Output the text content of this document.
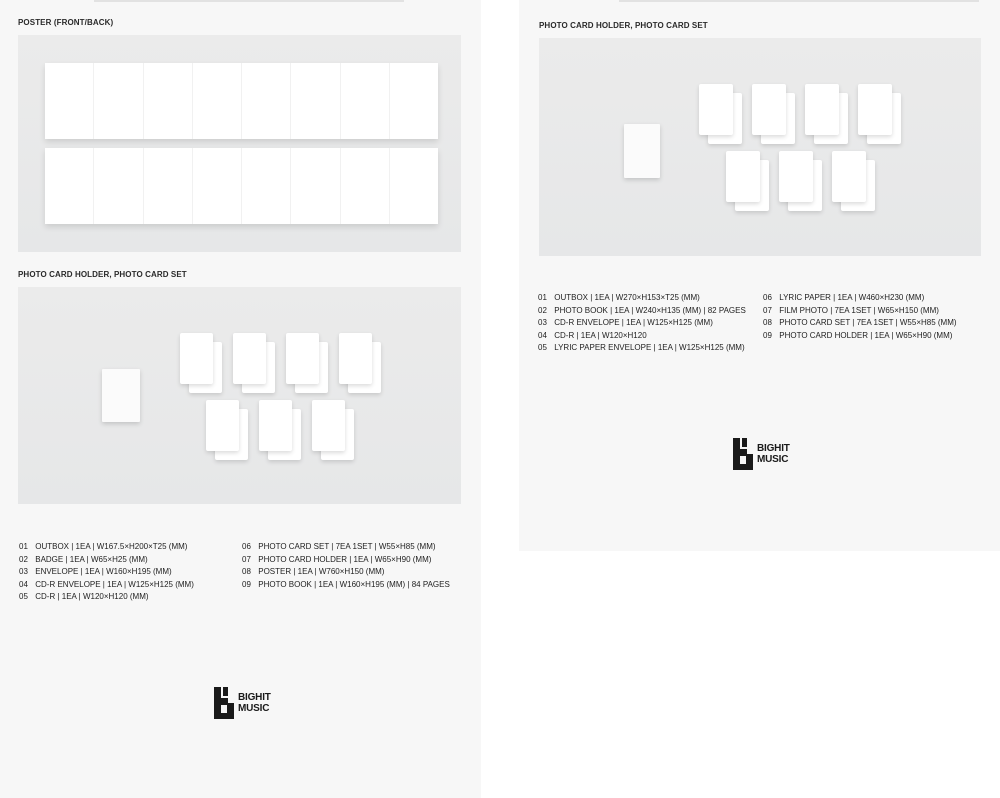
POSTER (FRONT/BACK)
PHOTO CARD HOLDER, PHOTO CARD SET
01 OUTBOX | 1EA | W167.5×H200×T25 (MM)
02 BADGE | 1EA | W65×H25 (MM)
03 ENVELOPE | 1EA | W160×H195 (MM)
04 CD-R ENVELOPE | 1EA | W125×H125 (MM)
05 CD-R | 1EA | W120×H120 (MM)
06 PHOTO CARD SET | 7EA 1SET | W55×H85 (MM)
07 PHOTO CARD HOLDER | 1EA | W65×H90 (MM)
08 POSTER | 1EA | W760×H150 (MM)
09 PHOTO BOOK | 1EA | W160×H195 (MM) | 84 PAGES
BIGHIT
MUSIC
PHOTO CARD HOLDER, PHOTO CARD SET
01 OUTBOX | 1EA | W270×H153×T25 (MM)
02 PHOTO BOOK | 1EA | W240×H135 (MM) | 82 PAGES
03 CD-R ENVELOPE | 1EA | W125×H125 (MM)
04 CD-R | 1EA | W120×H120
05 LYRIC PAPER ENVELOPE | 1EA | W125×H125 (MM)
06 LYRIC PAPER | 1EA | W460×H230 (MM)
07 FILM PHOTO | 7EA 1SET | W65×H150 (MM)
08 PHOTO CARD SET | 7EA 1SET | W55×H85 (MM)
09 PHOTO CARD HOLDER | 1EA | W65×H90 (MM)
BIGHIT
MUSIC
